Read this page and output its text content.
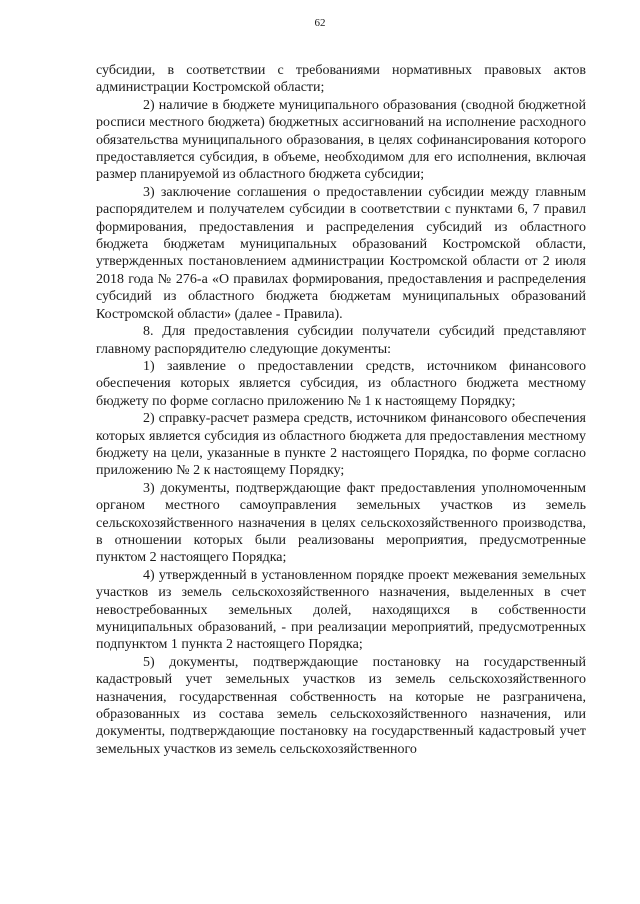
62

субсидии, в соответствии с требованиями нормативных правовых актов администрации Костромской области;

2) наличие в бюджете муниципального образования (сводной бюджетной росписи местного бюджета) бюджетных ассигнований на исполнение расходного обязательства муниципального образования, в целях софинансирования которого предоставляется субсидия, в объеме, необходимом для его исполнения, включая размер планируемой из областного бюджета субсидии;

3) заключение соглашения о предоставлении субсидии между главным распорядителем и получателем субсидии в соответствии с пунктами 6, 7 правил формирования, предоставления и распределения субсидий из областного бюджета бюджетам муниципальных образований Костромской области, утвержденных постановлением администрации Костромской области от 2 июля 2018 года № 276-а «О правилах формирования, предоставления и распределения субсидий из областного бюджета бюджетам муниципальных образований Костромской области» (далее - Правила).

8. Для предоставления субсидии получатели субсидий представляют главному распорядителю следующие документы:

1) заявление о предоставлении средств, источником финансового обеспечения которых является субсидия, из областного бюджета местному бюджету по форме согласно приложению № 1 к настоящему Порядку;

2) справку-расчет размера средств, источником финансового обеспечения которых является субсидия из областного бюджета для предоставления местному бюджету на цели, указанные в пункте 2 настоящего Порядка, по форме согласно приложению № 2 к настоящему Порядку;

3) документы, подтверждающие факт предоставления уполномоченным органом местного самоуправления земельных участков из земель сельскохозяйственного назначения в целях сельскохозяйственного производства, в отношении которых были реализованы мероприятия, предусмотренные пунктом 2 настоящего Порядка;

4) утвержденный в установленном порядке проект межевания земельных участков из земель сельскохозяйственного назначения, выделенных в счет невостребованных земельных долей, находящихся в собственности муниципальных образований, - при реализации мероприятий, предусмотренных подпунктом 1 пункта 2 настоящего Порядка;

5) документы, подтверждающие постановку на государственный кадастровый учет земельных участков из земель сельскохозяйственного назначения, государственная собственность на которые не разграничена, образованных из состава земель сельскохозяйственного назначения, или документы, подтверждающие постановку на государственный кадастровый учет земельных участков из земель сельскохозяйственного
